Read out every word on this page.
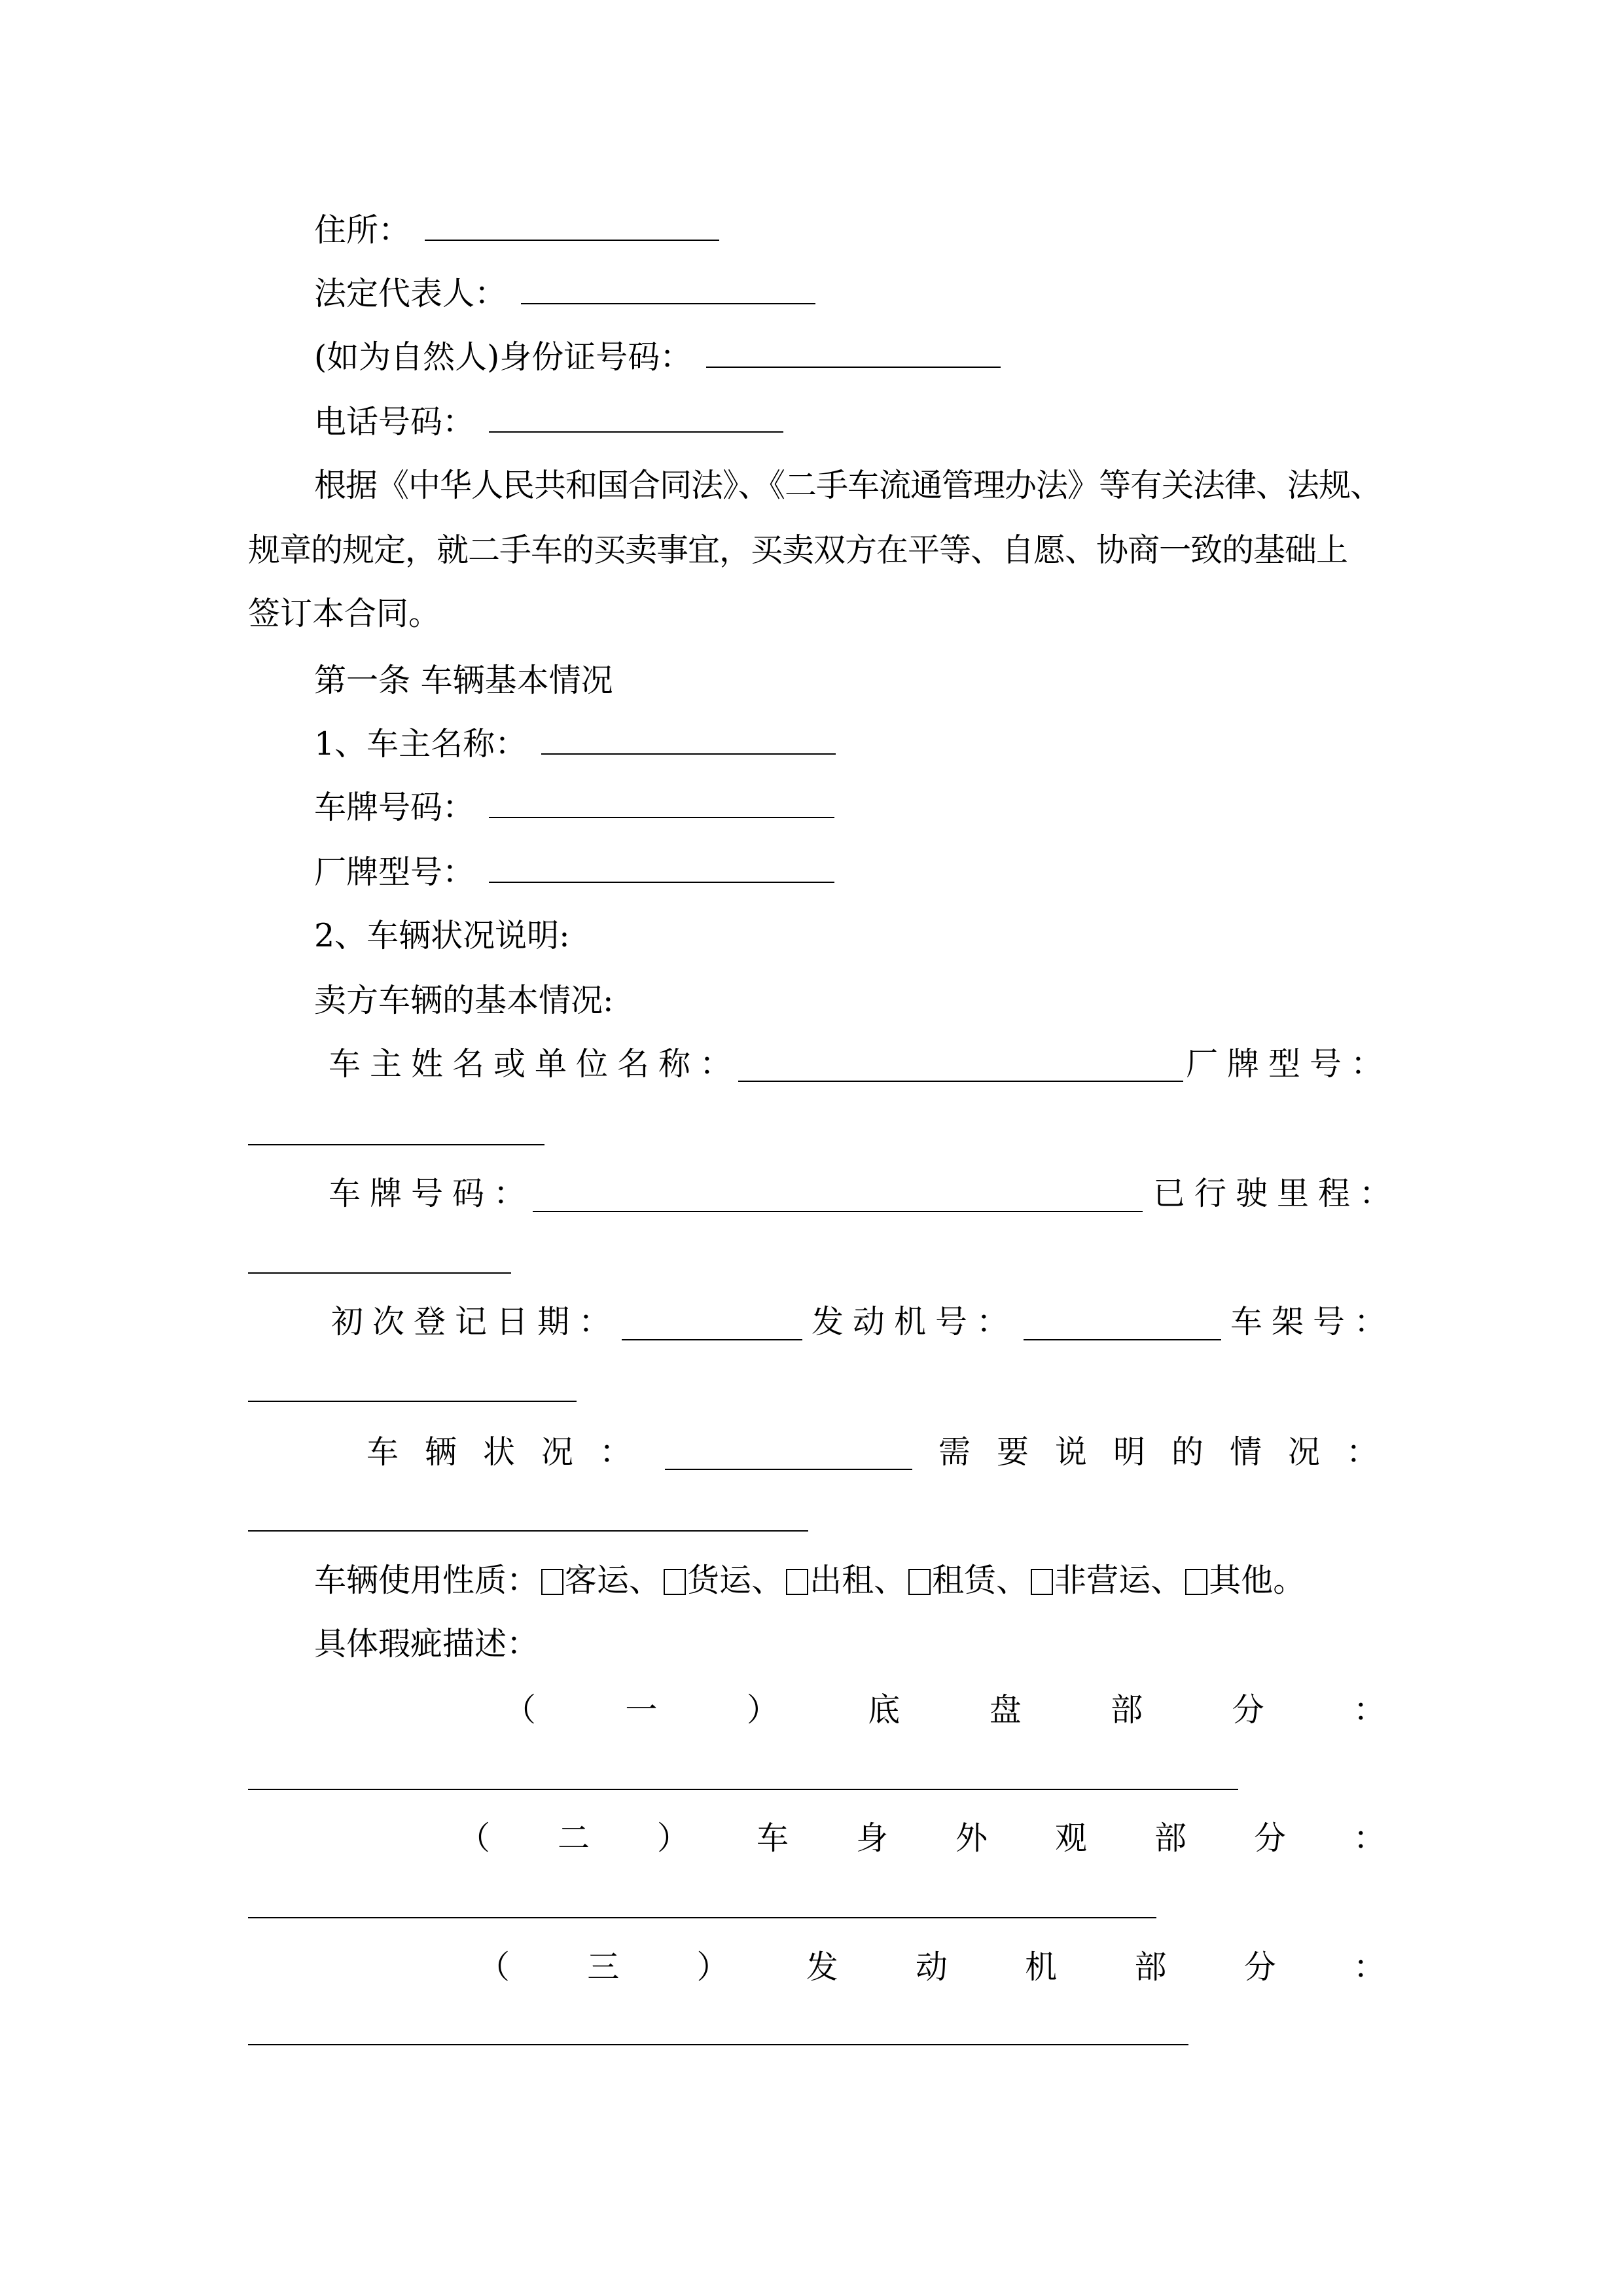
住所：
法定代表人：
(如为自然人)身份证号码：
电话号码：
根据《中华人民共和国合同法》、《二手车流通管理办法》等有关法律、法规、
规章的规定，就二手车的买卖事宜，买卖双方在平等、自愿、协商一致的基础上
签订本合同。
第一条 车辆基本情况
1、车主名称：
车牌号码：
厂牌型号：
2、车辆状况说明:
卖方车辆的基本情况:
车主姓名或单位名称：	厂牌型号：
车牌号码：	已行驶里程：
初次登记日期：	发动机号：	车架号：
车辆状况：	需要说明的情况：
车辆使用性质： 客运、 货运、 出租、 租赁、 非营运、 其他。
具体瑕疵描述：
（	一	）	底	盘	部	分	：
（ 二 ） 车 身 外 观 部 分 ：
（ 三 ） 发 动 机 部 分 ：
